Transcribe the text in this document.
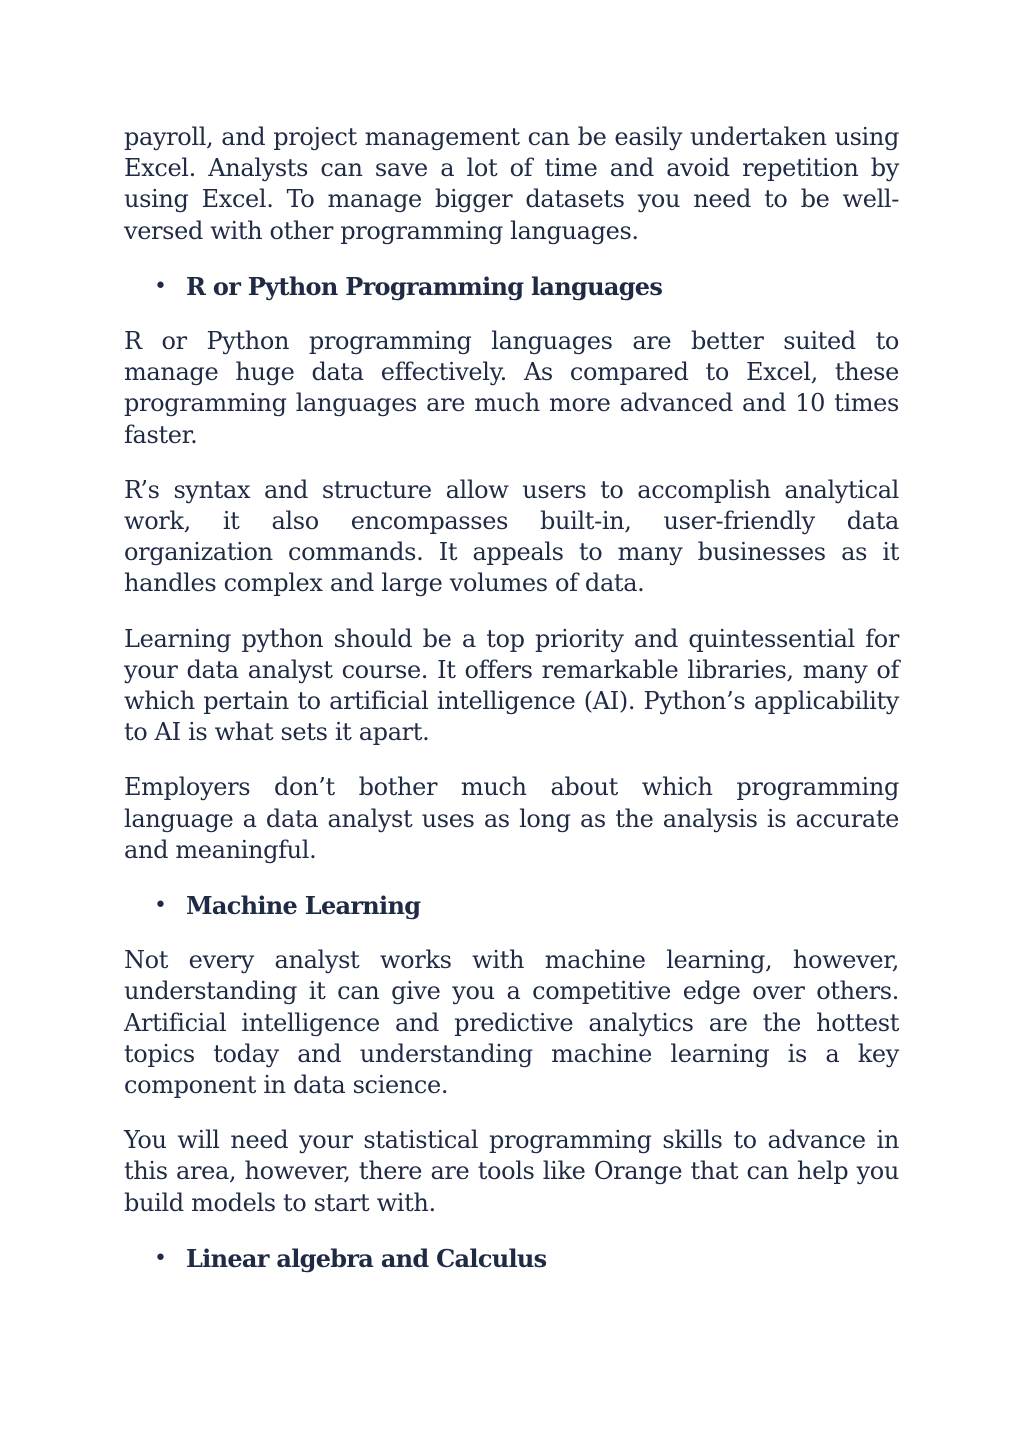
payroll, and project management can be easily undertaken using Excel. Analysts can save a lot of time and avoid repetition by using Excel. To manage bigger datasets you need to be well-versed with other programming languages.

• R or Python Programming languages

R or Python programming languages are better suited to manage huge data effectively. As compared to Excel, these programming languages are much more advanced and 10 times faster.

R’s syntax and structure allow users to accomplish analytical work, it also encompasses built-in, user-friendly data organization commands. It appeals to many businesses as it handles complex and large volumes of data.

Learning python should be a top priority and quintessential for your data analyst course. It offers remarkable libraries, many of which pertain to artificial intelligence (AI). Python’s applicability to AI is what sets it apart.

Employers don’t bother much about which programming language a data analyst uses as long as the analysis is accurate and meaningful.

• Machine Learning

Not every analyst works with machine learning, however, understanding it can give you a competitive edge over others. Artificial intelligence and predictive analytics are the hottest topics today and understanding machine learning is a key component in data science.

You will need your statistical programming skills to advance in this area, however, there are tools like Orange that can help you build models to start with.

• Linear algebra and Calculus
